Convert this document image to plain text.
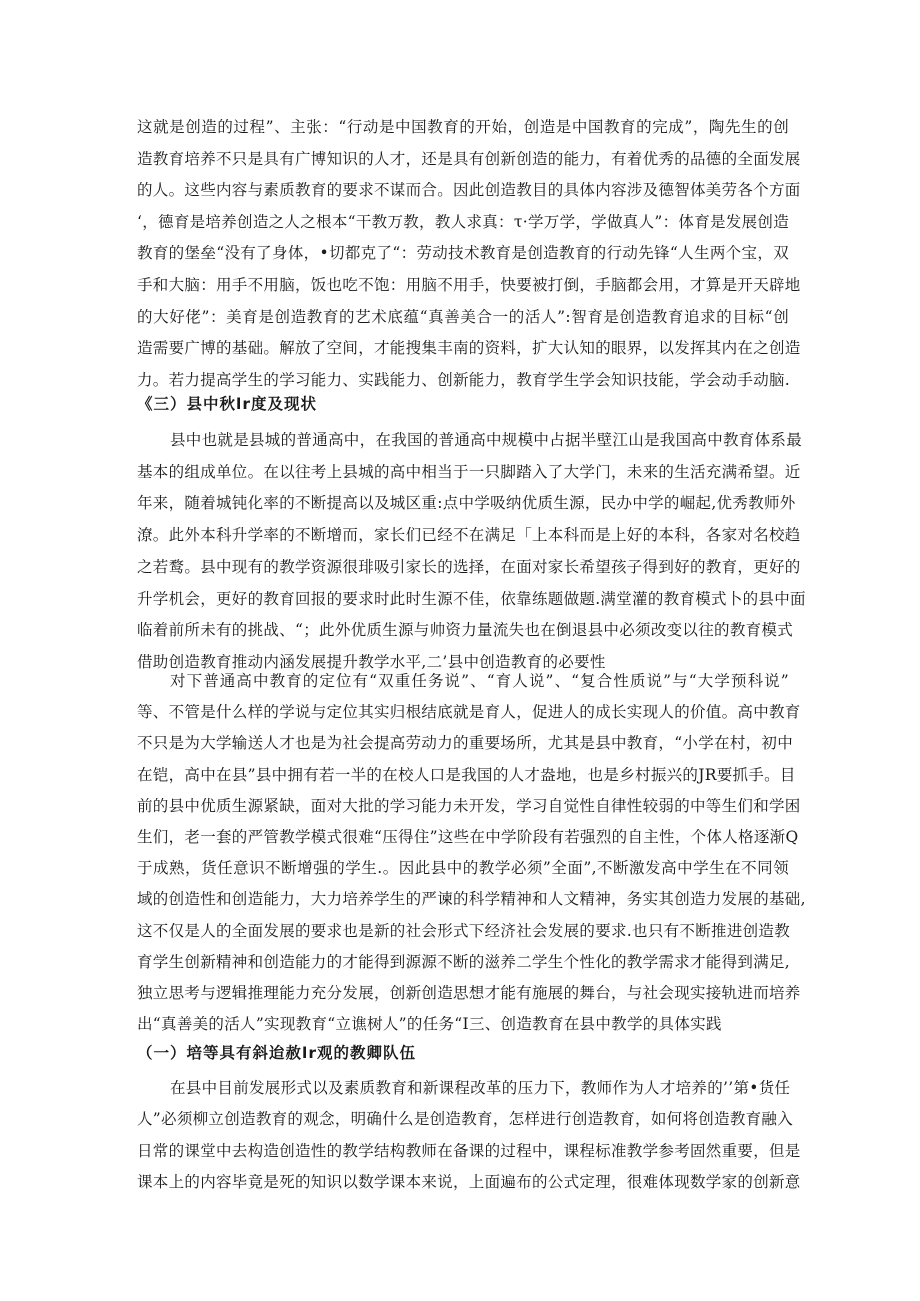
这就是创造的过程”、主张：“行动是中国教育的开始，创造是中国教育的完成”，陶先生的创
造教育培养不只是具有广博知识的人才，还是具有创新创造的能力，有着优秀的品德的全面发展
的人。这些内容与素质教育的要求不谋而合。因此创造教目的具体内容涉及德智体美劳各个方面
‘，德育是培养创造之人之根本“干教万教，教人求真：τ·学万学，学做真人”：体育是发展创造
教育的堡垒“没有了身体，•切都克了“：劳动技术教育是创造教育的行动先锋“人生两个宝，双
手和大脑：用手不用脑，饭也吃不饱：用脑不用手，快要被打倒，手脑都会用，才算是开天辟地
的大好佬”：美育是创造教育的艺术底蕴“真善美合一的活人”:智育是创造教育追求的目标“创
造需要广博的基础。解放了空间，才能搜集丰南的资料，扩大认知的眼界，以发挥其内在之创造
力。若力提高学生的学习能力、实践能力、创新能力，教育学生学会知识技能，学会动手动脑.
《三）县中秋lr度及现状
县中也就是县城的普通高中，在我国的普通高中规模中占据半壁江山是我国高中教育体系最
基本的组成单位。在以往考上县城的高中相当于一只脚踏入了大学门，未来的生活充满希望。近
年来，随着城钝化率的不断提高以及城区重:点中学吸纳优质生源，民办中学的崛起,优秀教师外
潦。此外本科升学率的不断增而，家长们已经不在满足「上本科而是上好的本科，各家对名校趋
之若鹜。县中现有的教学资源很琲吸引家长的选择，在面对家长希望孩子得到好的教育，更好的
升学机会，更好的教育回报的要求时此时生源不佳，依靠练题做题.满堂灌的教育模式卜的县中面
临着前所未有的挑战、“；此外优质生源与帅资力量流失也在倒退县中必须改变以往的教育模式
借助创造教育推动内涵发展提升教学水平,二’县中创造教育的必要性
对下普通高中教育的定位有“双重任务说”、“育人说”、“复合性质说”与“大学预科说”
等、不管是什么样的学说与定位其实归根结底就是育人，促进人的成长实现人的价值。高中教育
不只是为大学输送人才也是为社会提高劳动力的重要场所，尤其是县中教育，“小学在村，初中
在铠，高中在县”县中拥有若一半的在校人口是我国的人才盎地，也是乡村振兴的JR要抓手。目
前的县中优质生源紧缺，面对大批的学习能力未开发，学习自觉性自律性较弱的中等生们和学困
生们，老一套的严管教学模式很难“压得住”这些在中学阶段有若强烈的自主性，个体人格逐渐Q
于成熟，货任意识不断增强的学生.。因此县中的教学必须”全面”,不断激发高中学生在不同领
域的创造性和创造能力，大力培养学生的严谏的科学精神和人文精神，务实其创造力发展的基础,
这不仅是人的全面发展的要求也是新的社会形式下经济社会发展的要求.也只有不断推进创造教
育学生创新精神和创造能力的才能得到源源不断的滋养二学生个性化的教学需求才能得到满足,
独立思考与逻辑推理能力充分发展，创新创造思想才能有施展的舞台，与社会现实接轨进而培养
出“真善美的活人”实现教育“立谯树人”的任务“I三、创造教育在县中教学的具体实践
（一）培等具有斜迨赦lr观的教卿队伍
在县中目前发展形式以及素质教育和新课程改革的压力下，教师作为人才培养的’’第•货任
人”必须柳立创造教育的观念，明确什么是创造教育，怎样进行创造教育，如何将创造教育融入
日常的课堂中去构造创造性的教学结构教师在备课的过程中，课程标准教学参考固然重要，但是
课本上的内容毕竟是死的知识以数学课本来说，上面遍布的公式定理，很难体现数学家的创新意
